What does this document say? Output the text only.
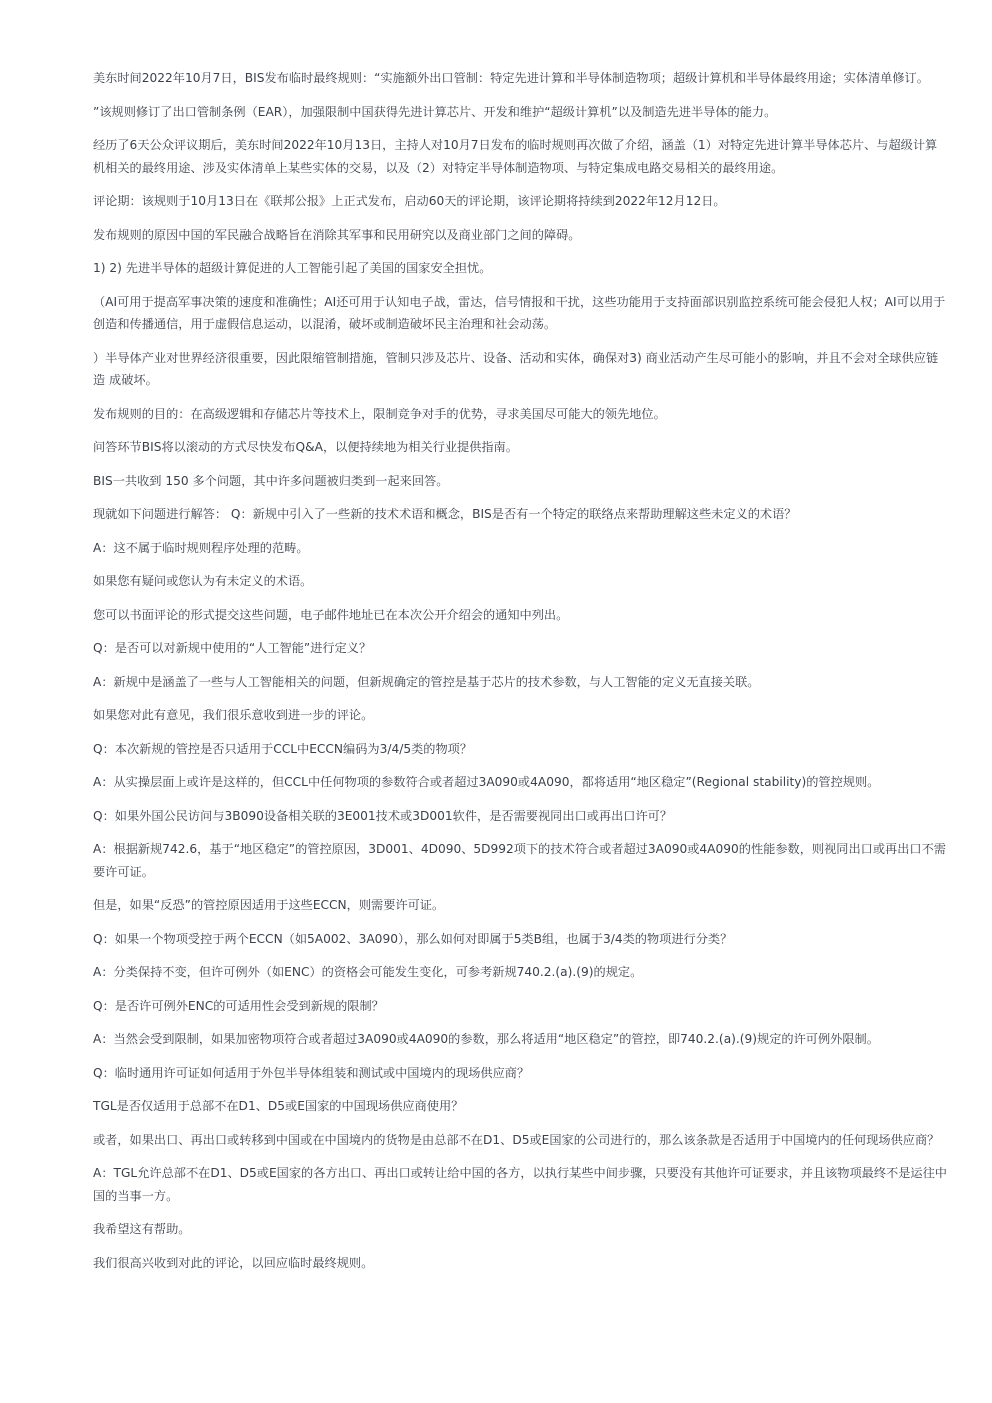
美东时间2022年10月7日，BIS发布临时最终规则：“实施额外出口管制：特定先进计算和半导体制造物项；超级计算机和半导体最终用途；实体清单修订。

”该规则修订了出口管制条例（EAR），加强限制中国获得先进计算芯片、开发和维护“超级计算机”以及制造先进半导体的能力。

经历了6天公众评议期后，美东时间2022年10月13日，主持人对10月7日发布的临时规则再次做了介绍，涵盖（1）对特定先进计算半导体芯片、与超级计算机相关的最终用途、涉及实体清单上某些实体的交易，以及（2）对特定半导体制造物项、与特定集成电路交易相关的最终用途。

评论期：该规则于10月13日在《联邦公报》上正式发布，启动60天的评论期，该评论期将持续到2022年12月12日。

发布规则的原因中国的军民融合战略旨在消除其军事和民用研究以及商业部门之间的障碍。

1) 2) 先进半导体的超级计算促进的人工智能引起了美国的国家安全担忧。

（AI可用于提高军事决策的速度和准确性；AI还可用于认知电子战，雷达，信号情报和干扰，这些功能用于支持面部识别监控系统可能会侵犯人权；AI可以用于创造和传播通信，用于虚假信息运动，以混淆，破坏或制造破坏民主治理和社会动荡。

）半导体产业对世界经济很重要，因此限缩管制措施，管制只涉及芯片、设备、活动和实体，确保对3) 商业活动产生尽可能小的影响，并且不会对全球供应链造 成破坏。

发布规则的目的：在高级逻辑和存储芯片等技术上，限制竞争对手的优势，寻求美国尽可能大的领先地位。

问答环节BIS将以滚动的方式尽快发布Q&A，以便持续地为相关行业提供指南。

BIS一共收到 150 多个问题，其中许多问题被归类到一起来回答。

现就如下问题进行解答： Q：新规中引入了一些新的技术术语和概念，BIS是否有一个特定的联络点来帮助理解这些未定义的术语？

A：这不属于临时规则程序处理的范畴。

如果您有疑问或您认为有未定义的术语。

您可以书面评论的形式提交这些问题，电子邮件地址已在本次公开介绍会的通知中列出。

Q：是否可以对新规中使用的“人工智能”进行定义？

A：新规中是涵盖了一些与人工智能相关的问题，但新规确定的管控是基于芯片的技术参数，与人工智能的定义无直接关联。

如果您对此有意见，我们很乐意收到进一步的评论。

Q：本次新规的管控是否只适用于CCL中ECCN编码为3/4/5类的物项？

A：从实操层面上或许是这样的，但CCL中任何物项的参数符合或者超过3A090或4A090，都将适用“地区稳定”(Regional stability)的管控规则。

Q：如果外国公民访问与3B090设备相关联的3E001技术或3D001软件，是否需要视同出口或再出口许可？

A：根据新规742.6，基于“地区稳定”的管控原因，3D001、4D090、5D992项下的技术符合或者超过3A090或4A090的性能参数，则视同出口或再出口不需要许可证。

但是，如果“反恐”的管控原因适用于这些ECCN，则需要许可证。

Q：如果一个物项受控于两个ECCN（如5A002、3A090），那么如何对即属于5类B组，也属于3/4类的物项进行分类？

A：分类保持不变，但许可例外（如ENC）的资格会可能发生变化，可参考新规740.2.(a).(9)的规定。

Q：是否许可例外ENC的可适用性会受到新规的限制？

A：当然会受到限制，如果加密物项符合或者超过3A090或4A090的参数，那么将适用“地区稳定”的管控，即740.2.(a).(9)规定的许可例外限制。

Q：临时通用许可证如何适用于外包半导体组装和测试或中国境内的现场供应商？

TGL是否仅适用于总部不在D1、D5或E国家的中国现场供应商使用？

或者，如果出口、再出口或转移到中国或在中国境内的货物是由总部不在D1、D5或E国家的公司进行的，那么该条款是否适用于中国境内的任何现场供应商？

A：TGL允许总部不在D1、D5或E国家的各方出口、再出口或转让给中国的各方，以执行某些中间步骤，只要没有其他许可证要求，并且该物项最终不是运往中国的当事一方。

我希望这有帮助。

我们很高兴收到对此的评论，以回应临时最终规则。
